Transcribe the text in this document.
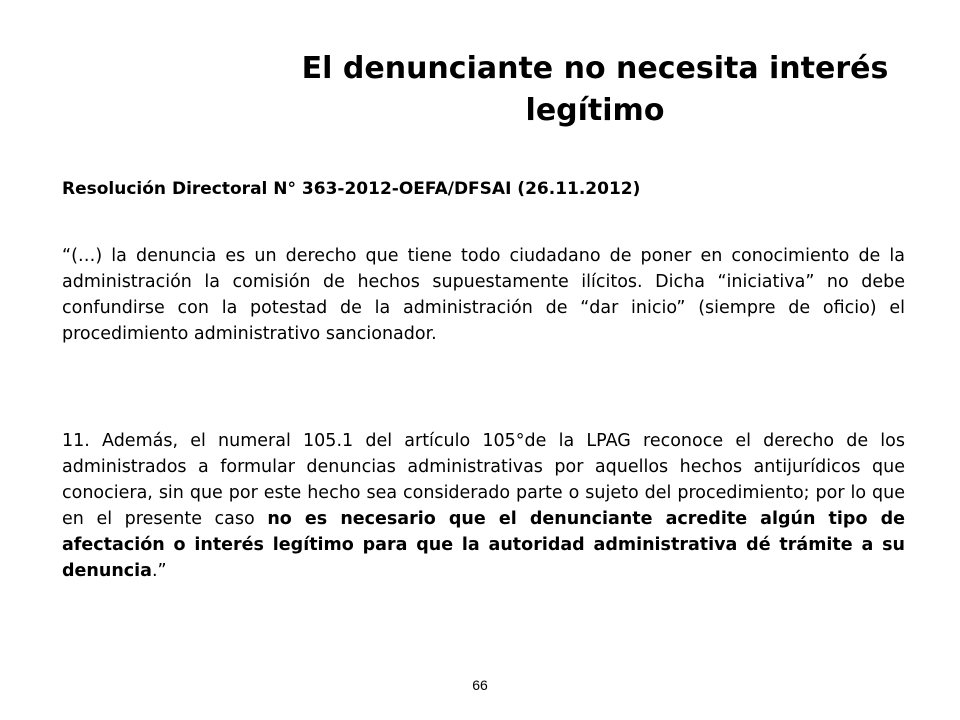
El denunciante no necesita interés legítimo

Resolución Directoral N° 363-2012-OEFA/DFSAI (26.11.2012)

“(…) la denuncia es un derecho que tiene todo ciudadano de poner en conocimiento de la administración la comisión de hechos supuestamente ilícitos. Dicha “iniciativa” no debe confundirse con la potestad de la administración de “dar inicio” (siempre de oficio) el procedimiento administrativo sancionador.

11. Además, el numeral 105.1 del artículo 105°de la LPAG reconoce el derecho de los administrados a formular denuncias administrativas por aquellos hechos antijurídicos que conociera, sin que por este hecho sea considerado parte o sujeto del procedimiento; por lo que en el presente caso no es necesario que el denunciante acredite algún tipo de afectación o interés legítimo para que la autoridad administrativa dé trámite a su denuncia.”

66
